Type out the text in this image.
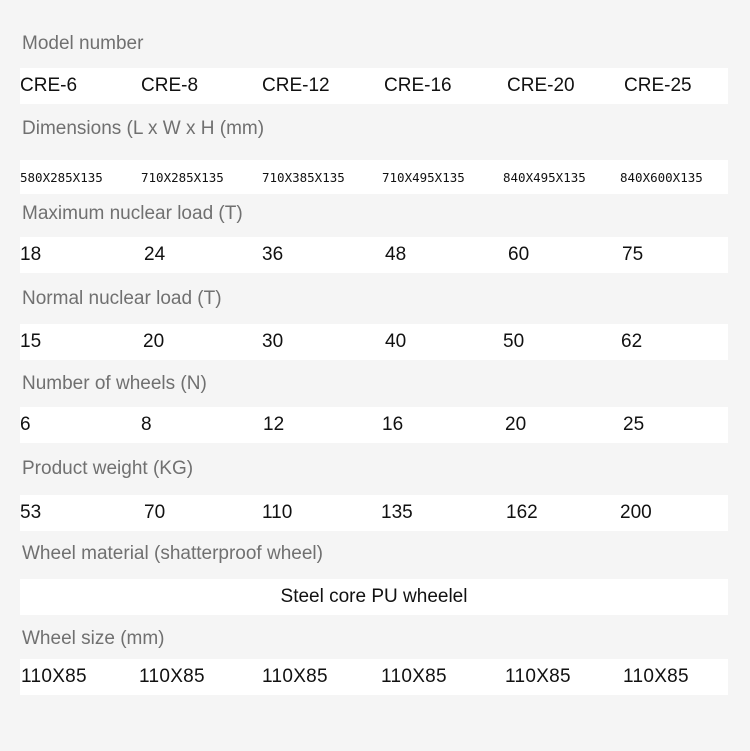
Model number
CRE-6	CRE-8	CRE-12	CRE-16	CRE-20	CRE-25
Dimensions (L x W x H (mm)
580X285X135	710X285X135	710X385X135	710X495X135	840X495X135	840X600X135
Maximum nuclear load (T)
18	24	36	48	60	75
Normal nuclear load (T)
15	20	30	40	50	62
Number of wheels (N)
6	8	12	16	20	25
Product weight (KG)
53	70	110	135	162	200
Wheel material (shatterproof wheel)
Steel core PU wheelel
Wheel size (mm)
110X85	110X85	110X85	110X85	110X85	110X85
